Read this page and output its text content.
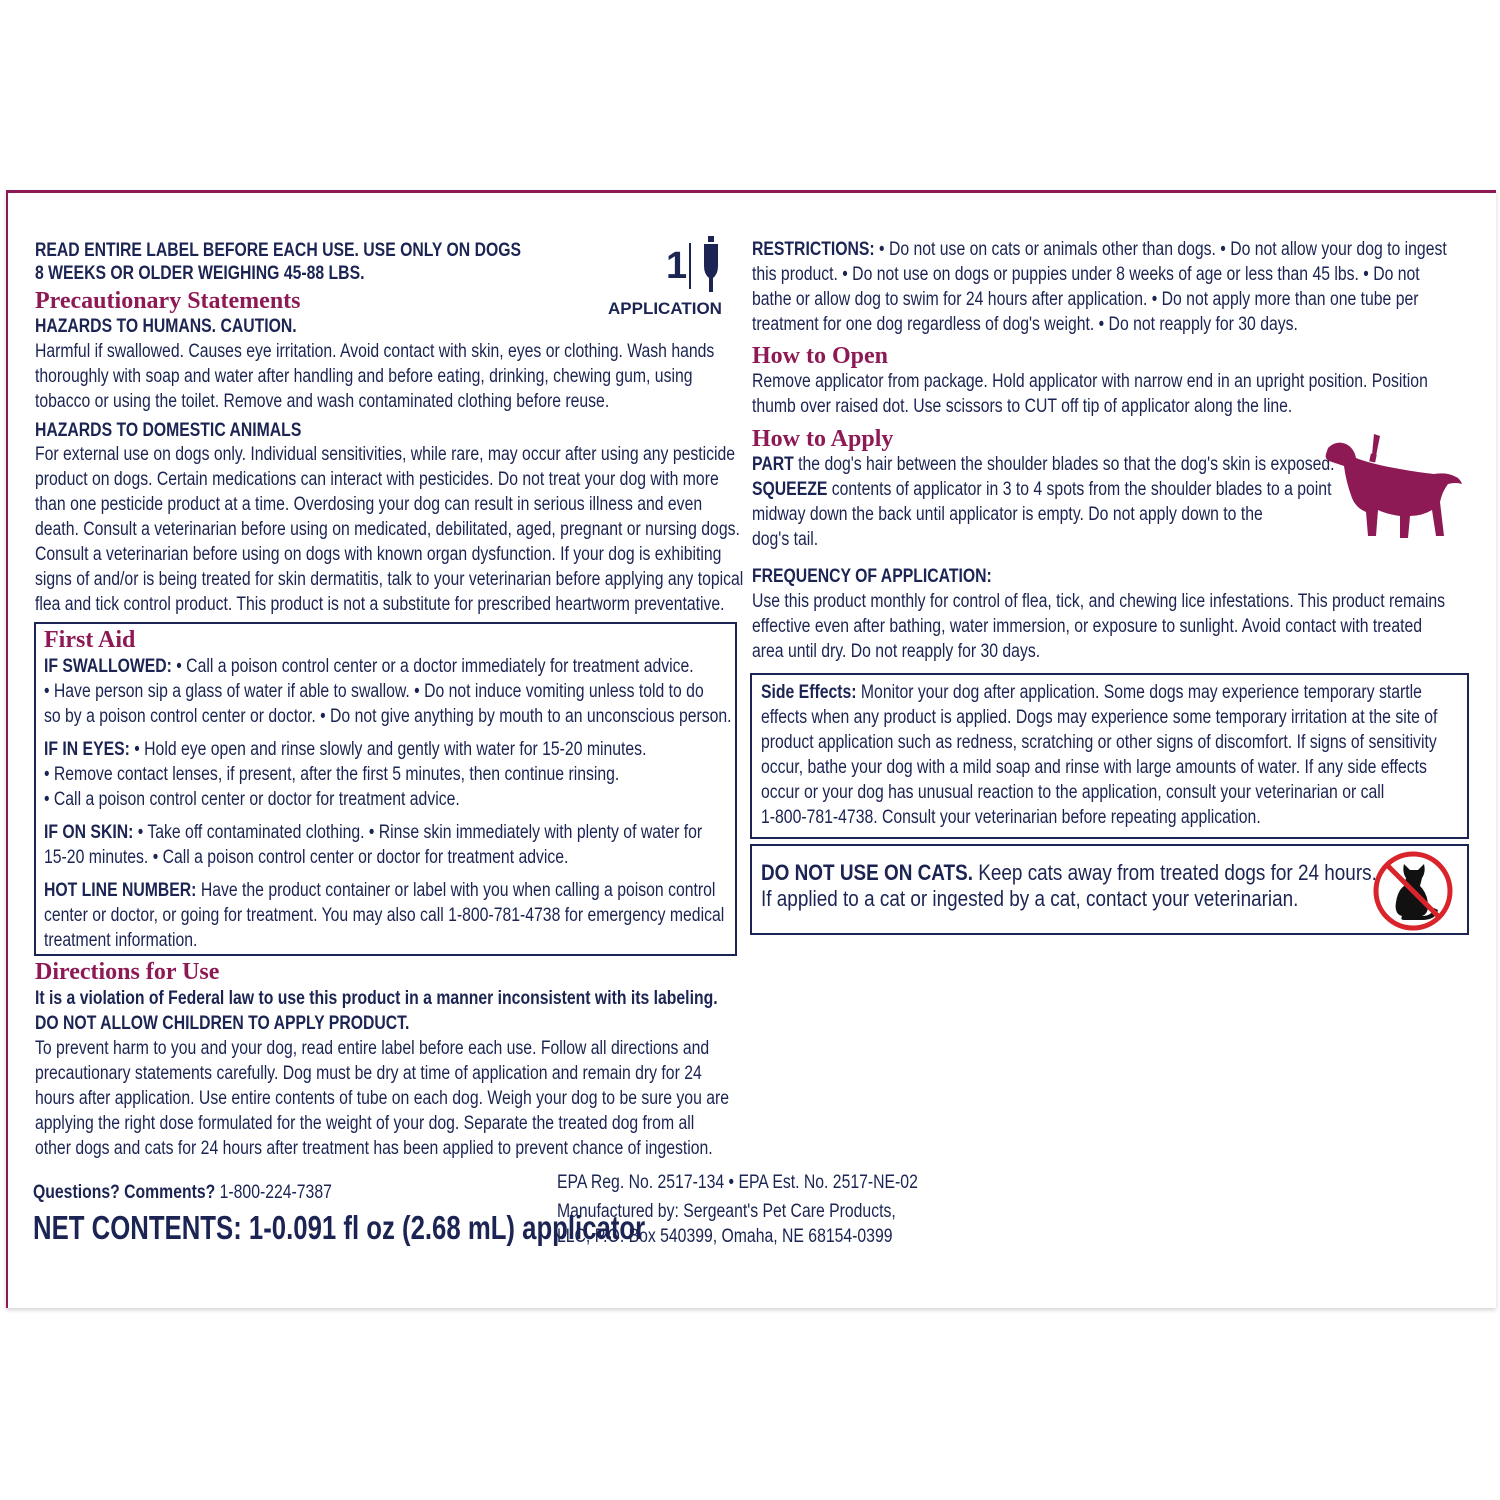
READ ENTIRE LABEL BEFORE EACH USE. USE ONLY ON DOGS

8 WEEKS OR OLDER WEIGHING 45-88 LBS.	1
APPLICATION
Precautionary Statements

HAZARDS TO HUMANS. CAUTION.

Harmful if swallowed. Causes eye irritation. Avoid contact with skin, eyes or clothing. Wash hands

thoroughly with soap and water after handling and before eating, drinking, chewing gum, using

tobacco or using the toilet. Remove and wash contaminated clothing before reuse.

HAZARDS TO DOMESTIC ANIMALS

For external use on dogs only. Individual sensitivities, while rare, may occur after using any pesticide

product on dogs. Certain medications can interact with pesticides. Do not treat your dog with more

than one pesticide product at a time. Overdosing your dog can result in serious illness and even

death. Consult a veterinarian before using on medicated, debilitated, aged, pregnant or nursing dogs.

Consult a veterinarian before using on dogs with known organ dysfunction. If your dog is exhibiting

signs of and/or is being treated for skin dermatitis, talk to your veterinarian before applying any topical

flea and tick control product. This product is not a substitute for prescribed heartworm preventative.

First Aid

IF SWALLOWED: • Call a poison control center or a doctor immediately for treatment advice.

• Have person sip a glass of water if able to swallow. • Do not induce vomiting unless told to do

so by a poison control center or doctor. • Do not give anything by mouth to an unconscious person.

IF IN EYES: • Hold eye open and rinse slowly and gently with water for 15-20 minutes.

• Remove contact lenses, if present, after the first 5 minutes, then continue rinsing.

• Call a poison control center or doctor for treatment advice.

IF ON SKIN: • Take off contaminated clothing. • Rinse skin immediately with plenty of water for

15-20 minutes. • Call a poison control center or doctor for treatment advice.

HOT LINE NUMBER: Have the product container or label with you when calling a poison control

center or doctor, or going for treatment. You may also call 1-800-781-4738 for emergency medical

treatment information.

Directions for Use

It is a violation of Federal law to use this product in a manner inconsistent with its labeling.

DO NOT ALLOW CHILDREN TO APPLY PRODUCT.

To prevent harm to you and your dog, read entire label before each use. Follow all directions and

precautionary statements carefully. Dog must be dry at time of application and remain dry for 24

hours after application. Use entire contents of tube on each dog. Weigh your dog to be sure you are

applying the right dose formulated for the weight of your dog. Separate the treated dog from all

other dogs and cats for 24 hours after treatment has been applied to prevent chance of ingestion.

Questions? Comments? 1-800-224-7387

NET CONTENTS: 1-0.091 fl oz (2.68 mL) applicator

EPA Reg. No. 2517-134 • EPA Est. No. 2517-NE-02

Manufactured by: Sergeant's Pet Care Products,

LLC, P.O. Box 540399, Omaha, NE 68154-0399

RESTRICTIONS: • Do not use on cats or animals other than dogs. • Do not allow your dog to ingest

this product. • Do not use on dogs or puppies under 8 weeks of age or less than 45 lbs. • Do not

bathe or allow dog to swim for 24 hours after application. • Do not apply more than one tube per

treatment for one dog regardless of dog's weight. • Do not reapply for 30 days.

How to Open

Remove applicator from package. Hold applicator with narrow end in an upright position. Position

thumb over raised dot. Use scissors to CUT off tip of applicator along the line.

How to Apply

PART the dog's hair between the shoulder blades so that the dog's skin is exposed.

SQUEEZE contents of applicator in 3 to 4 spots from the shoulder blades to a point

midway down the back until applicator is empty. Do not apply down to the

dog's tail.

FREQUENCY OF APPLICATION:

Use this product monthly for control of flea, tick, and chewing lice infestations. This product remains

effective even after bathing, water immersion, or exposure to sunlight. Avoid contact with treated

area until dry. Do not reapply for 30 days.

Side Effects: Monitor your dog after application. Some dogs may experience temporary startle

effects when any product is applied. Dogs may experience some temporary irritation at the site of

product application such as redness, scratching or other signs of discomfort. If signs of sensitivity

occur, bathe your dog with a mild soap and rinse with large amounts of water. If any side effects

occur or your dog has unusual reaction to the application, consult your veterinarian or call

1-800-781-4738. Consult your veterinarian before repeating application.

DO NOT USE ON CATS. Keep cats away from treated dogs for 24 hours.

If applied to a cat or ingested by a cat, contact your veterinarian.
